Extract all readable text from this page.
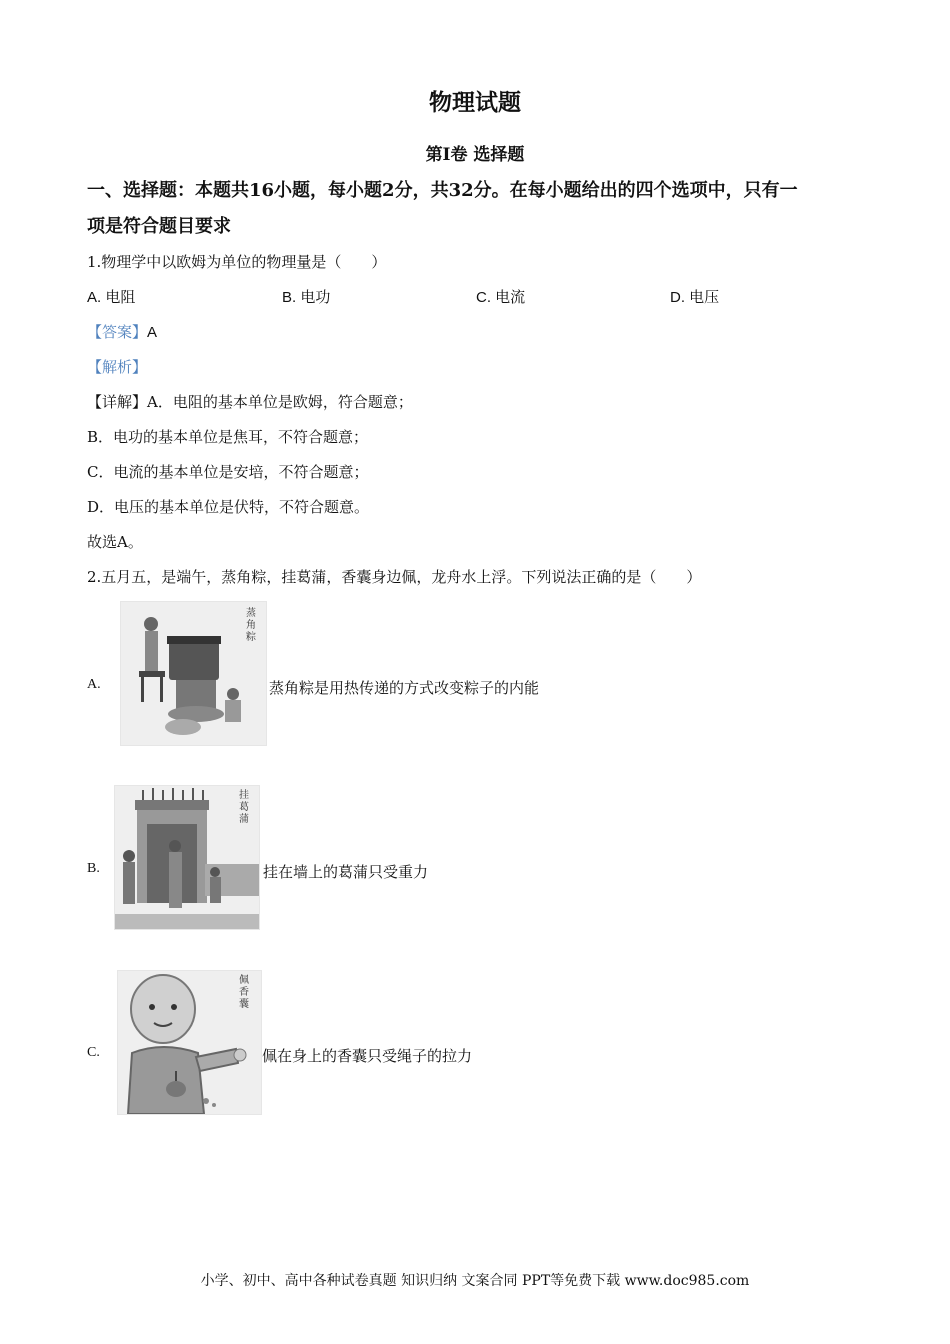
物理试题
第Ⅰ卷 选择题
一、选择题：本题共16小题，每小题2分，共32分。在每小题给出的四个选项中，只有一
项是符合题目要求
1.物理学中以欧姆为单位的物理量是（　　）
A. 电阻	B. 电功	C. 电流	D. 电压
【答案】A
【解析】
【详解】A．电阻的基本单位是欧姆，符合题意；
B．电功的基本单位是焦耳，不符合题意；
C．电流的基本单位是安培，不符合题意；
D．电压的基本单位是伏特，不符合题意。
故选A。
2.五月五，是端午，蒸角粽，挂葛蒲，香囊身边佩，龙舟水上浮。下列说法正确的是（　　）
A.
蒸角粽
蒸角粽是用热传递的方式改变粽子的内能
B.
挂葛蒲
挂在墙上的葛蒲只受重力
C.
佩香囊
佩在身上的香囊只受绳子的拉力
小学、初中、高中各种试卷真题 知识归纳 文案合同 PPT等免费下载 www.doc985.com
